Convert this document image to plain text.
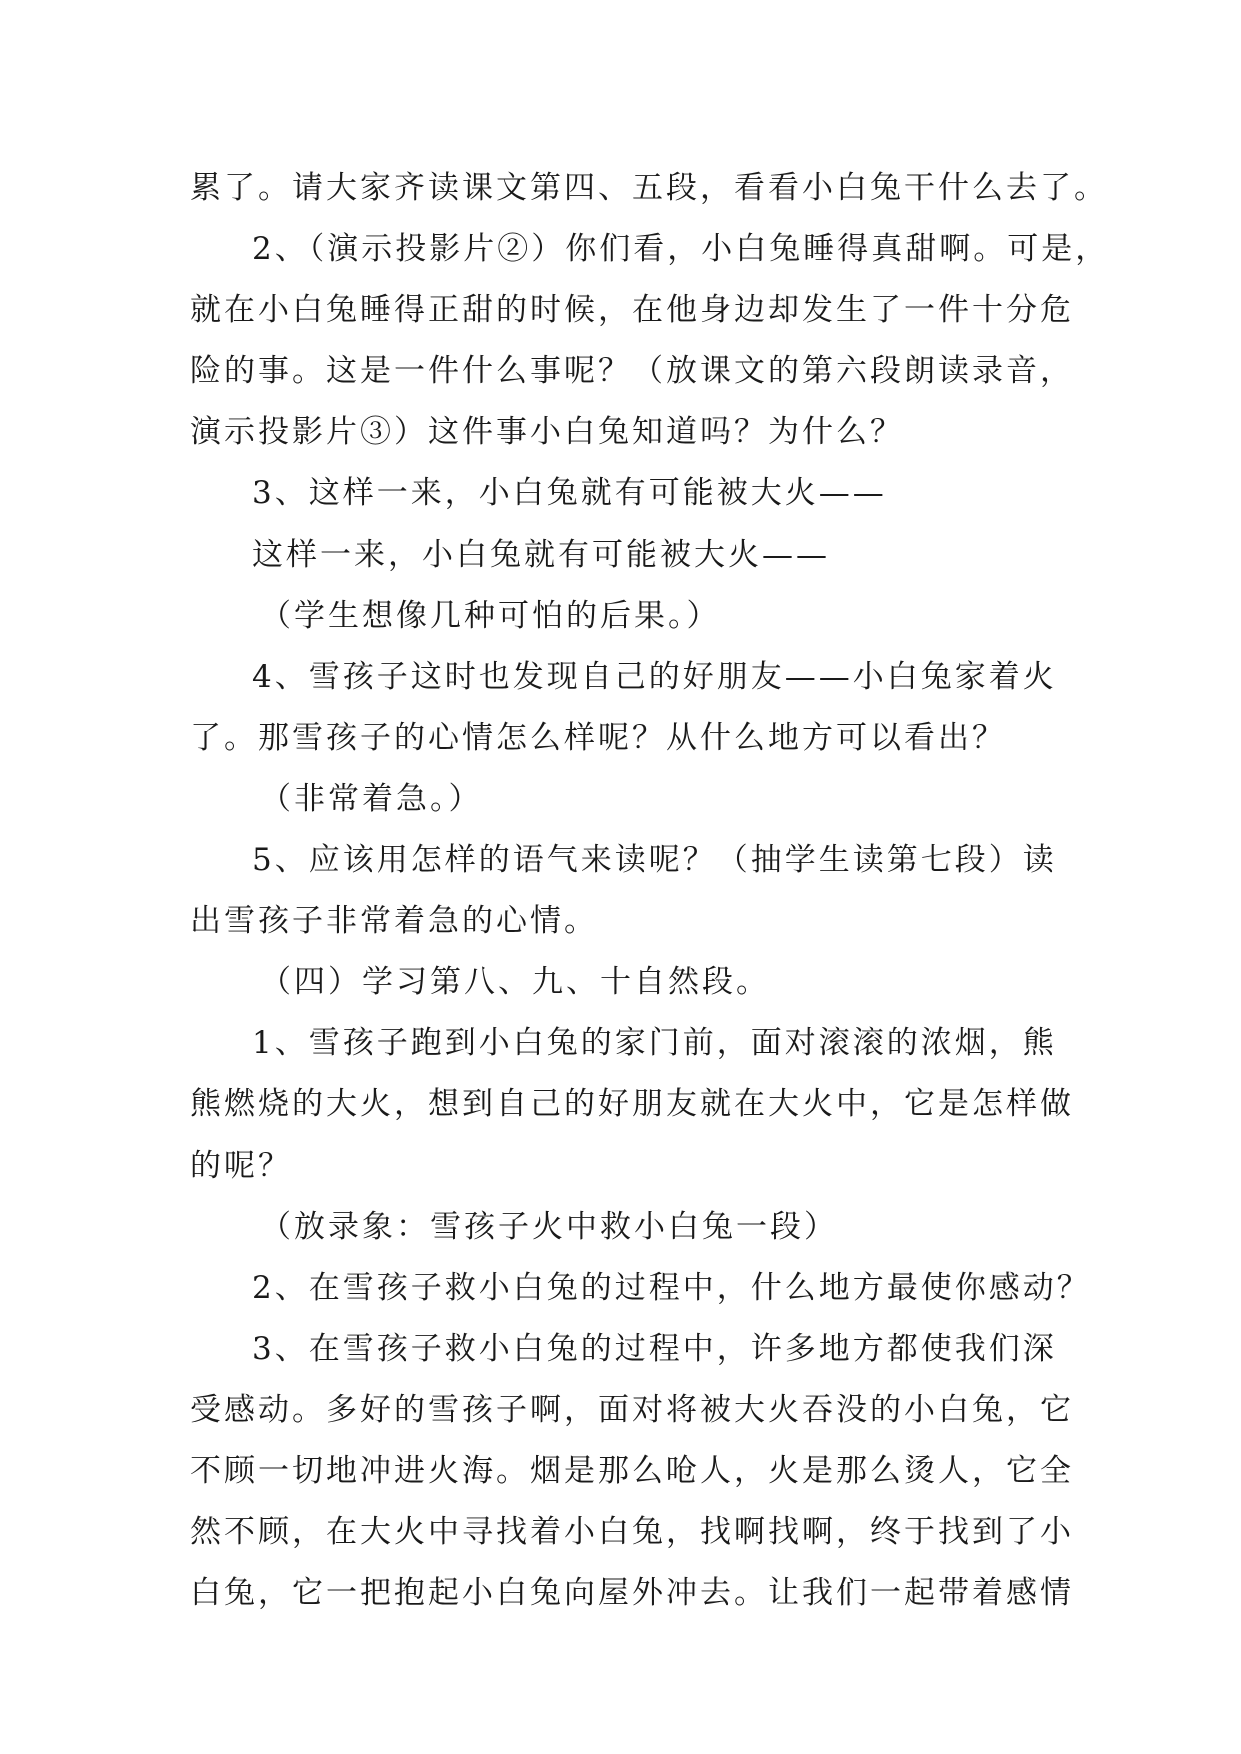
累了。请大家齐读课文第四、五段，看看小白兔干什么去了。
2、（演示投影片②）你们看，小白兔睡得真甜啊。可是，
就在小白兔睡得正甜的时候，在他身边却发生了一件十分危
险的事。这是一件什么事呢？（放课文的第六段朗读录音，
演示投影片③）这件事小白兔知道吗？为什么？
3、这样一来，小白兔就有可能被大火——
这样一来，小白兔就有可能被大火——
（学生想像几种可怕的后果。）
4、雪孩子这时也发现自己的好朋友——小白兔家着火
了。那雪孩子的心情怎么样呢？从什么地方可以看出？
（非常着急。）
5、应该用怎样的语气来读呢？（抽学生读第七段）读
出雪孩子非常着急的心情。
（四）学习第八、九、十自然段。
1、雪孩子跑到小白兔的家门前，面对滚滚的浓烟，熊
熊燃烧的大火，想到自己的好朋友就在大火中，它是怎样做
的呢？
（放录象：雪孩子火中救小白兔一段）
2、在雪孩子救小白兔的过程中，什么地方最使你感动？
3、在雪孩子救小白兔的过程中，许多地方都使我们深
受感动。多好的雪孩子啊，面对将被大火吞没的小白兔，它
不顾一切地冲进火海。烟是那么呛人，火是那么烫人，它全
然不顾，在大火中寻找着小白兔，找啊找啊，终于找到了小
白兔，它一把抱起小白兔向屋外冲去。让我们一起带着感情
